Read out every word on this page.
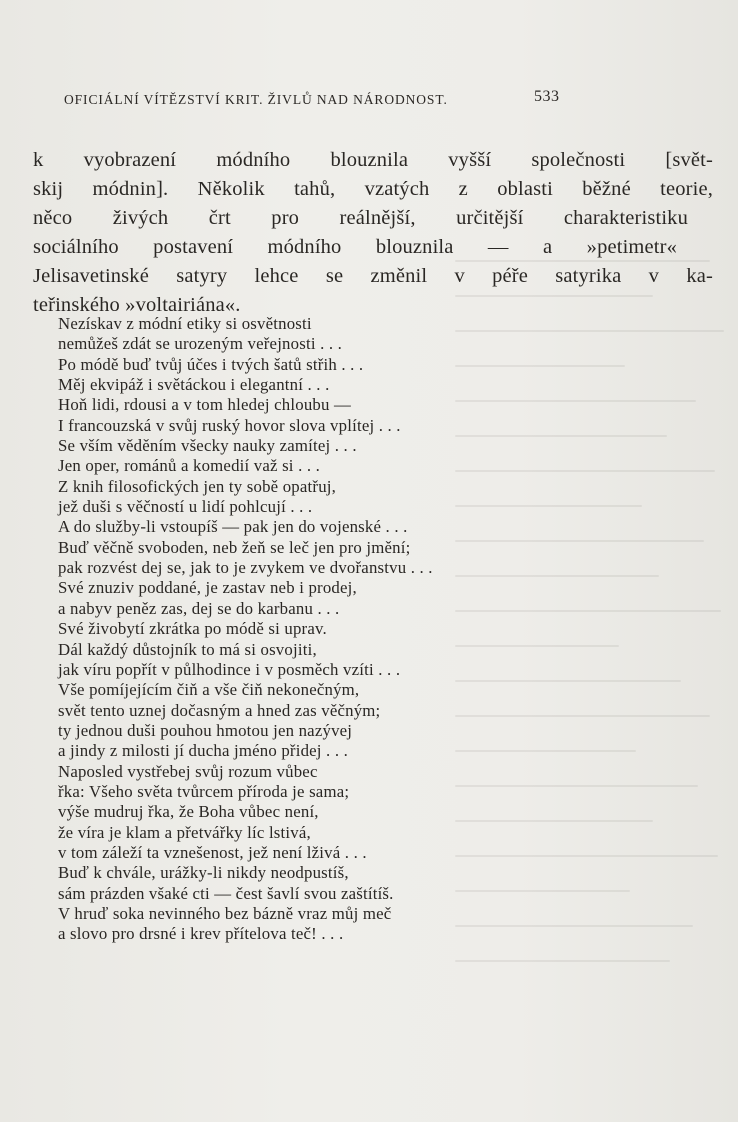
OFICIÁLNÍ VÍTĚZSTVÍ KRIT. ŽIVLŮ NAD NÁRODNOST.	533
k vyobrazení módního blouznila vyšší společnosti [svět-
skij módnin]. Několik tahů, vzatých z oblasti běžné teorie,
něco živých črt pro reálnější, určitější charakteristiku
sociálního postavení módního blouznila — a »petimetr«
Jelisavetinské satyry lehce se změnil v péře satyrika v ka-
teřinského »voltairiána«.
Nezískav z módní etiky si osvětnosti
nemůžeš zdát se urozeným veřejnosti . . .
Po módě buď tvůj účes i tvých šatů střih . . .
Měj ekvipáž i světáckou i elegantní . . .
Hoň lidi, rdousi a v tom hledej chloubu —
I francouzská v svůj ruský hovor slova vplítej . . .
Se vším věděním všecky nauky zamítej . . .
Jen oper, románů a komedií važ si . . .
Z knih filosofických jen ty sobě opatřuj,
jež duši s věčností u lidí pohlcují . . .
A do služby-li vstoupíš — pak jen do vojenské . . .
Buď věčně svoboden, neb žeň se leč jen pro jmění;
pak rozvést dej se, jak to je zvykem ve dvořanstvu . . .
Své znuziv poddané, je zastav neb i prodej,
a nabyv peněz zas, dej se do karbanu . . .
Své živobytí zkrátka po módě si uprav.
Dál každý důstojník to má si osvojiti,
jak víru popřít v půlhodince i v posměch vzíti . . .
Vše pomíjejícím čiň a vše čiň nekonečným,
svět tento uznej dočasným a hned zas věčným;
ty jednou duši pouhou hmotou jen nazývej
a jindy z milosti jí ducha jméno přidej . . .
Naposled vystřebej svůj rozum vůbec
řka: Všeho světa tvůrcem příroda je sama;
výše mudruj řka, že Boha vůbec není,
že víra je klam a přetvářky líc lstivá,
v tom záleží ta vznešenost, jež není lživá . . .
Buď k chvále, urážky-li nikdy neodpustíš,
sám prázden všaké cti — čest šavlí svou zaštítíš.
V hruď soka nevinného bez bázně vraz můj meč
a slovo pro drsné i krev přítelova teč! . . .
